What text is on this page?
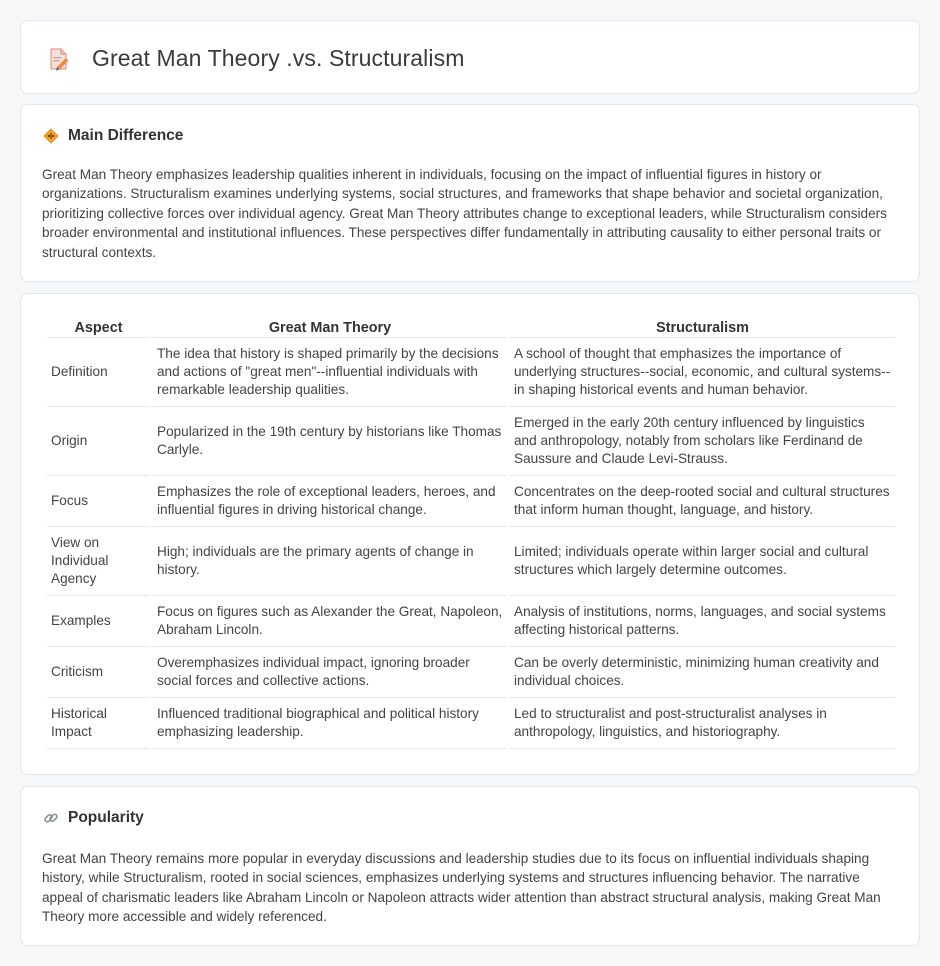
Great Man Theory .vs. Structuralism
Main Difference

Great Man Theory emphasizes leadership qualities inherent in individuals, focusing on the impact of influential figures in history or organizations. Structuralism examines underlying systems, social structures, and frameworks that shape behavior and societal organization, prioritizing collective forces over individual agency. Great Man Theory attributes change to exceptional leaders, while Structuralism considers broader environmental and institutional influences. These perspectives differ fundamentally in attributing causality to either personal traits or structural contexts.

Aspect	Great Man Theory	Structuralism
Definition	The idea that history is shaped primarily by the decisions and actions of "great men"--influential individuals with remarkable leadership qualities.	A school of thought that emphasizes the importance of underlying structures--social, economic, and cultural systems--in shaping historical events and human behavior.
Origin	Popularized in the 19th century by historians like Thomas Carlyle.	Emerged in the early 20th century influenced by linguistics and anthropology, notably from scholars like Ferdinand de Saussure and Claude Levi-Strauss.
Focus	Emphasizes the role of exceptional leaders, heroes, and influential figures in driving historical change.	Concentrates on the deep-rooted social and cultural structures that inform human thought, language, and history.
View on Individual Agency	High; individuals are the primary agents of change in history.	Limited; individuals operate within larger social and cultural structures which largely determine outcomes.
Examples	Focus on figures such as Alexander the Great, Napoleon, Abraham Lincoln.	Analysis of institutions, norms, languages, and social systems affecting historical patterns.
Criticism	Overemphasizes individual impact, ignoring broader social forces and collective actions.	Can be overly deterministic, minimizing human creativity and individual choices.
Historical Impact	Influenced traditional biographical and political history emphasizing leadership.	Led to structuralist and post-structuralist analyses in anthropology, linguistics, and historiography.
Popularity

Great Man Theory remains more popular in everyday discussions and leadership studies due to its focus on influential individuals shaping history, while Structuralism, rooted in social sciences, emphasizes underlying systems and structures influencing behavior. The narrative appeal of charismatic leaders like Abraham Lincoln or Napoleon attracts wider attention than abstract structural analysis, making Great Man Theory more accessible and widely referenced.
